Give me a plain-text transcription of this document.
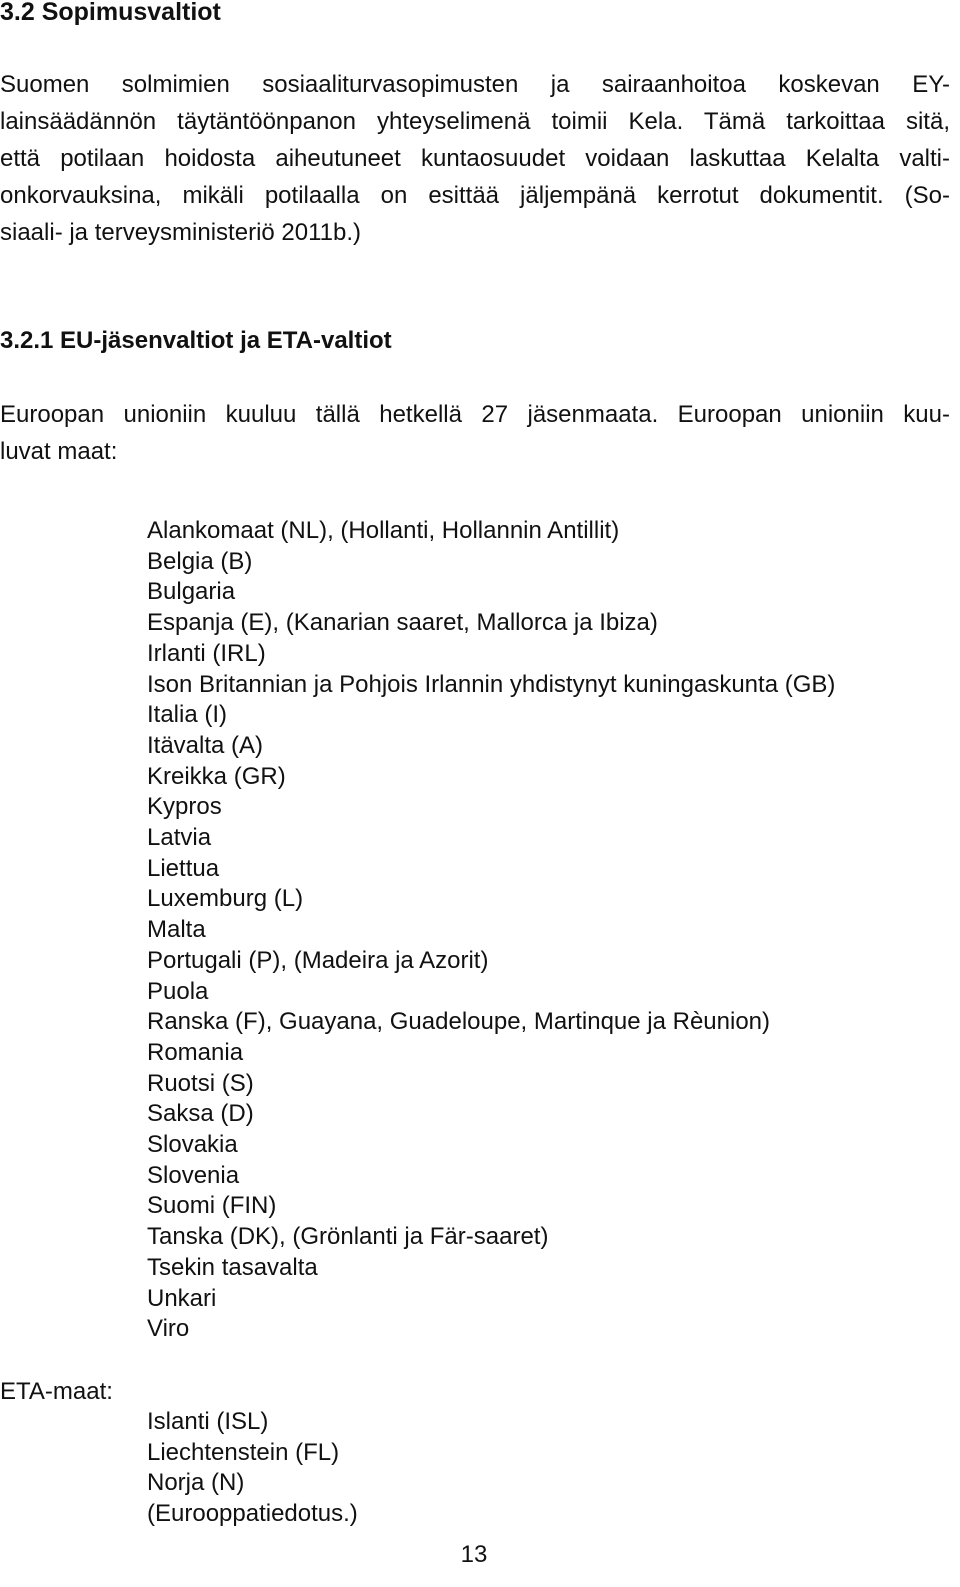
3.2 Sopimusvaltiot

Suomen solmimien sosiaaliturvasopimusten ja sairaanhoitoa koskevan EY-
lainsäädännön täytäntöönpanon yhteyselimenä toimii Kela. Tämä tarkoittaa sitä,
että potilaan hoidosta aiheutuneet kuntaosuudet voidaan laskuttaa Kelalta valti-
onkorvauksina, mikäli potilaalla on esittää jäljempänä kerrotut dokumentit. (So-
siaali- ja terveysministeriö 2011b.)

3.2.1 EU-jäsenvaltiot ja ETA-valtiot

Euroopan unioniin kuuluu tällä hetkellä 27 jäsenmaata. Euroopan unioniin kuu-
luvat maat:

Alankomaat (NL), (Hollanti, Hollannin Antillit)
Belgia (B)
Bulgaria
Espanja (E), (Kanarian saaret, Mallorca ja Ibiza)
Irlanti (IRL)
Ison Britannian ja Pohjois Irlannin yhdistynyt kuningaskunta (GB)
Italia (I)
Itävalta (A)
Kreikka (GR)
Kypros
Latvia
Liettua
Luxemburg (L)
Malta
Portugali (P), (Madeira ja Azorit)
Puola
Ranska (F), Guayana, Guadeloupe, Martinque ja Rèunion)
Romania
Ruotsi (S)
Saksa (D)
Slovakia
Slovenia
Suomi (FIN)
Tanska (DK), (Grönlanti ja Fär-saaret)
Tsekin tasavalta
Unkari
Viro

ETA-maat:

Islanti (ISL)
Liechtenstein (FL)
Norja (N)
(Eurooppatiedotus.)
13
